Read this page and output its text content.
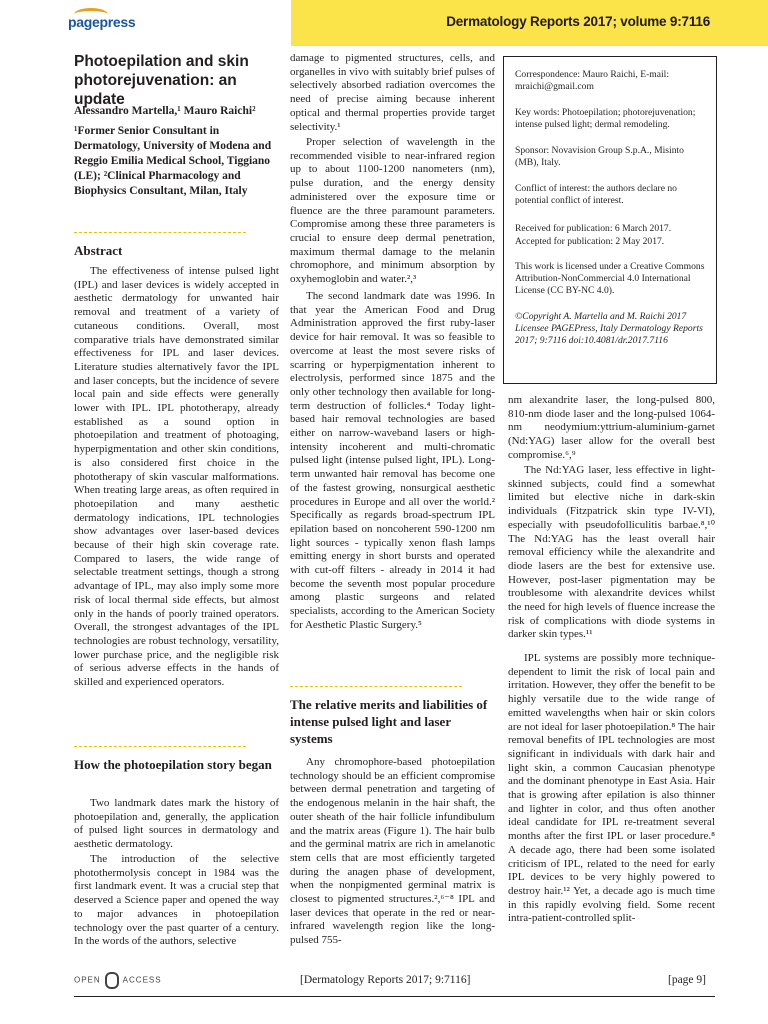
pagepress	Dermatology Reports 2017; volume 9:7116
Photoepilation and skin photorejuvenation: an update
Alessandro Martella,¹ Mauro Raichi²
¹Former Senior Consultant in Dermatology, University of Modena and Reggio Emilia Medical School, Tiggiano (LE); ²Clinical Pharmacology and Biophysics Consultant, Milan, Italy
Abstract
The effectiveness of intense pulsed light (IPL) and laser devices is widely accepted in aesthetic dermatology for unwanted hair removal and treatment of a variety of cutaneous conditions. Overall, most comparative trials have demonstrated similar effectiveness for IPL and laser devices. Literature studies alternatively favor the IPL and laser concepts, but the incidence of severe local pain and side effects were generally lower with IPL. IPL phototherapy, already established as a sound option in photoepilation and treatment of photoaging, hyperpigmentation and other skin conditions, is also considered first choice in the phototherapy of skin vascular malformations. When treating large areas, as often required in photoepilation and many aesthetic dermatology indications, IPL technologies show advantages over laser-based devices because of their high skin coverage rate. Compared to lasers, the wide range of selectable treatment settings, though a strong advantage of IPL, may also imply some more risk of local thermal side effects, but almost only in the hands of poorly trained operators. Overall, the strongest advantages of the IPL technologies are robust technology, versatility, lower purchase price, and the negligible risk of serious adverse effects in the hands of skilled and experienced operators.
How the photoepilation story began
Two landmark dates mark the history of photoepilation and, generally, the application of pulsed light sources in dermatology and aesthetic dermatology.
The introduction of the selective photothermolysis concept in 1984 was the first landmark event. It was a crucial step that deserved a Science paper and opened the way to major advances in photoepilation technology over the past quarter of a century. In the words of the authors, selective
damage to pigmented structures, cells, and organelles in vivo with suitably brief pulses of selectively absorbed radiation overcomes the need of precise aiming because inherent optical and thermal properties provide target selectivity.¹
Proper selection of wavelength in the recommended visible to near-infrared region up to about 1100-1200 nanometers (nm), pulse duration, and the energy density administered over the exposure time or fluence are the three paramount parameters. Compromise among these three parameters is crucial to ensure deep dermal penetration, maximum thermal damage to the melanin chromophore, and minimum absorption by oxyhemoglobin and water.²,³
The second landmark date was 1996. In that year the American Food and Drug Administration approved the first ruby-laser device for hair removal. It was so feasible to overcome at least the most severe risks of scarring or hyperpigmentation inherent to electrolysis, performed since 1875 and the only other technology then available for long-term destruction of follicles.⁴ Today light-based hair removal technologies are based either on narrow-waveband lasers or high-intensity incoherent and multi-chromatic pulsed light (intense pulsed light, IPL). Long-term unwanted hair removal has become one of the fastest growing, nonsurgical aesthetic procedures in Europe and all over the world.² Specifically as regards broad-spectrum IPL epilation based on noncoherent 590-1200 nm light sources - typically xenon flash lamps emitting energy in short bursts and operated with cut-off filters - already in 2014 it had become the seventh most popular procedure among plastic surgeons and related specialists, according to the American Society for Aesthetic Plastic Surgery.⁵
The relative merits and liabilities of intense pulsed light and laser systems
Any chromophore-based photoepilation technology should be an efficient compromise between dermal penetration and targeting of the endogenous melanin in the hair shaft, the outer sheath of the hair follicle infundibulum and the matrix areas (Figure 1). The hair bulb and the germinal matrix are rich in amelanotic stem cells that are most efficiently targeted during the anagen phase of development, when the nonpigmented germinal matrix is closest to pigmented structures.²,⁶⁻⁸ IPL and laser devices that operate in the red or near-infrared wavelength region like the long-pulsed 755-
Correspondence: Mauro Raichi, E-mail: mraichi@gmail.com
Key words: Photoepilation; photorejuvenation; intense pulsed light; dermal remodeling.
Sponsor: Novavision Group S.p.A., Misinto (MB), Italy.
Conflict of interest: the authors declare no potential conflict of interest.
Received for publication: 6 March 2017.
Accepted for publication: 2 May 2017.
This work is licensed under a Creative Commons Attribution-NonCommercial 4.0 International License (CC BY-NC 4.0).
©Copyright A. Martella and M. Raichi 2017 Licensee PAGEPress, Italy Dermatology Reports 2017; 9:7116 doi:10.4081/dr.2017.7116
nm alexandrite laser, the long-pulsed 800, 810-nm diode laser and the long-pulsed 1064-nm neodymium:yttrium-aluminium-garnet (Nd:YAG) laser allow for the overall best compromise.⁶,⁹
The Nd:YAG laser, less effective in light-skinned subjects, could find a somewhat limited but elective niche in dark-skin individuals (Fitzpatrick skin type IV-VI), especially with pseudofolliculitis barbae.⁸,¹⁰ The Nd:YAG has the least overall hair removal efficiency while the alexandrite and diode lasers are the best for extensive use. However, post-laser pigmentation may be troublesome with alexandrite devices whilst the need for high levels of fluence increase the risk of complications with diode systems in darker skin types.¹¹
IPL systems are possibly more technique-dependent to limit the risk of local pain and irritation. However, they offer the benefit to be highly versatile due to the wide range of emitted wavelengths when hair or skin colors are not ideal for laser photoepilation.⁸ The hair removal benefits of IPL technologies are most significant in individuals with dark hair and light skin, a common Caucasian phenotype and the dominant phenotype in East Asia. Hair that is growing after epilation is also thinner and lighter in color, and thus often another ideal candidate for IPL re-treatment several months after the first IPL or laser procedure.⁸ A decade ago, there had been some isolated criticism of IPL, related to the need for early IPL devices to be very highly powered to destroy hair.¹² Yet, a decade ago is much time in this rapidly evolving field. Some recent intra-patient-controlled split-
OPEN	ACCESS	[Dermatology Reports 2017; 9:7116]	[page 9]
